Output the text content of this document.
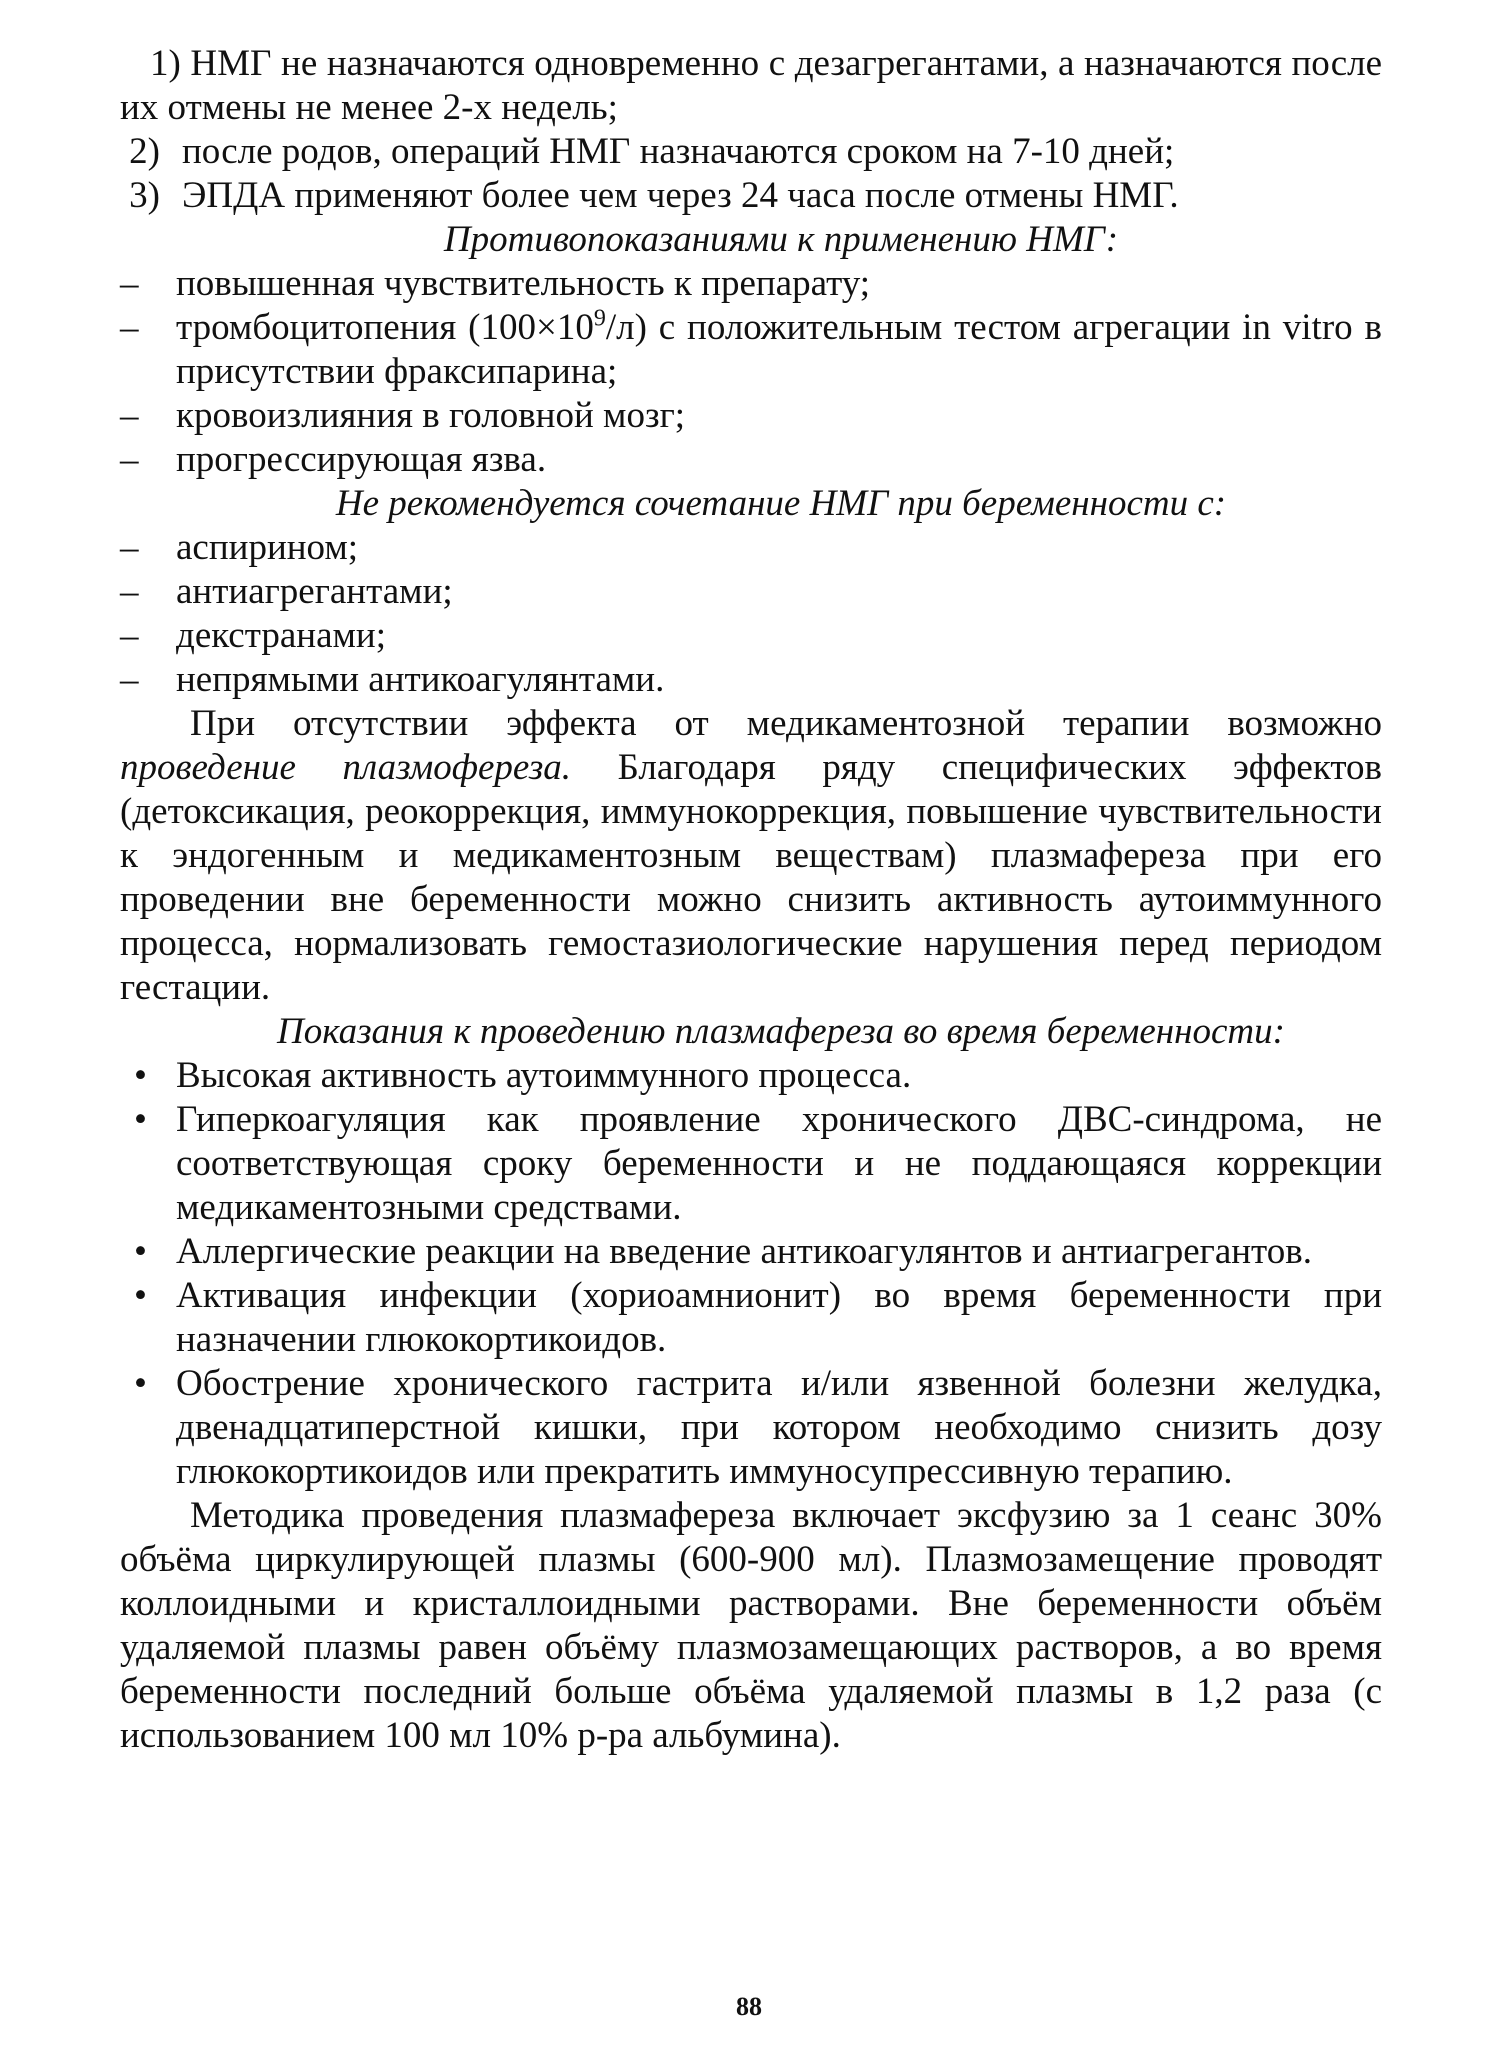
1) НМГ не назначаются одновременно с дезагрегантами, а назначаются после их отмены не менее 2-х недель;

2) после родов, операций НМГ назначаются сроком на 7-10 дней;
3) ЭПДА применяют более чем через 24 часа после отмены НМГ.

Противопоказаниями к применению НМГ:

–	повышенная чувствительность к препарату;
–	тромбоцитопения $(100\times 10^9/л)$ с положительным тестом агрегации in vitro в присутствии фраксипарина;
–	кровоизлияния в головной мозг;
–	прогрессирующая язва.

Не рекомендуется сочетание НМГ при беременности с:

–	аспирином;
–	антиагрегантами;
–	декстранами;
–	непрямыми антикоагулянтами.

При отсутствии эффекта от медикаментозной терапии возможно проведение плазмофереза. Благодаря ряду специфических эффектов (детоксикация, реокоррекция, иммунокоррекция, повышение чувствительности к эндогенным и медикаментозным веществам) плазмафереза при его проведении вне беременности можно снизить активность аутоиммунного процесса, нормализовать гемостазиологические нарушения перед периодом гестации.

Показания к проведению плазмафереза во время беременности:

• Высокая активность аутоиммунного процесса.
• Гиперкоагуляция как проявление хронического ДВС-синдрома, не соответствующая сроку беременности и не поддающаяся коррекции медикаментозными средствами.
• Аллергические реакции на введение антикоагулянтов и антиагрегантов.
• Активация инфекции (хориоамнионит) во время беременности при назначении глюкокортикоидов.
• Обострение хронического гастрита и/или язвенной болезни желудка, двенадцатиперстной кишки, при котором необходимо снизить дозу глюкокортикоидов или прекратить иммуносупрессивную терапию.

Методика проведения плазмафереза включает эксфузию за 1 сеанс 30% объёма циркулирующей плазмы (600-900 мл). Плазмозамещение проводят коллоидными и кристаллоидными растворами. Вне беременности объём удаляемой плазмы равен объёму плазмозамещающих растворов, а во время беременности последний больше объёма удаляемой плазмы в 1,2 раза (с использованием 100 мл 10% р-ра альбумина).

88
